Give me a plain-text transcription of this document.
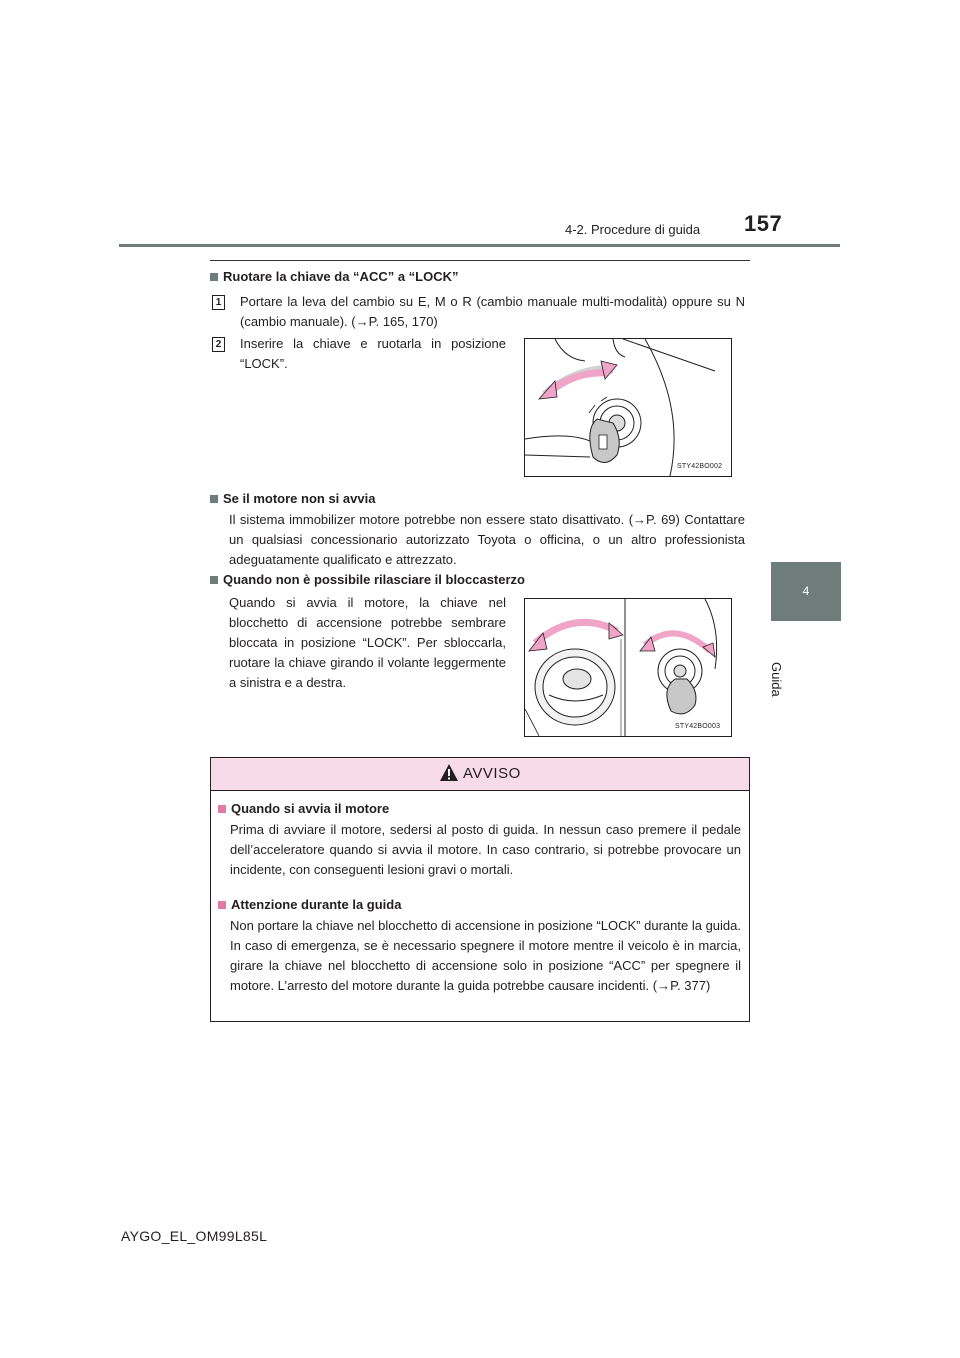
4-2. Procedure di guida 157
4
Guida
Ruotare la chiave da “ACC” a “LOCK”
1 Portare la leva del cambio su E, M o R (cambio manuale multi-modalità) oppure su N (cambio manuale). (→P. 165, 170)
2 Inserire la chiave e ruotarla in posizione “LOCK”.
STY42BO002
Se il motore non si avvia
Il sistema immobilizer motore potrebbe non essere stato disattivato. (→P. 69) Contattare un qualsiasi concessionario autorizzato Toyota o officina, o un altro professionista adeguatamente qualificato e attrezzato.
Quando non è possibile rilasciare il bloccasterzo
Quando si avvia il motore, la chiave nel blocchetto di accensione potrebbe sembrare bloccata in posizione “LOCK”. Per sbloccarla, ruotare la chiave girando il volante leggermente a sinistra e a destra.
STY42BO003
AVVISO
Quando si avvia il motore
Prima di avviare il motore, sedersi al posto di guida. In nessun caso premere il pedale dell’acceleratore quando si avvia il motore. In caso contrario, si potrebbe provocare un incidente, con conseguenti lesioni gravi o mortali.
Attenzione durante la guida
Non portare la chiave nel blocchetto di accensione in posizione “LOCK” durante la guida. In caso di emergenza, se è necessario spegnere il motore mentre il veicolo è in marcia, girare la chiave nel blocchetto di accensione solo in posizione “ACC” per spegnere il motore. L’arresto del motore durante la guida potrebbe causare incidenti. (→P. 377)
AYGO_EL_OM99L85L
